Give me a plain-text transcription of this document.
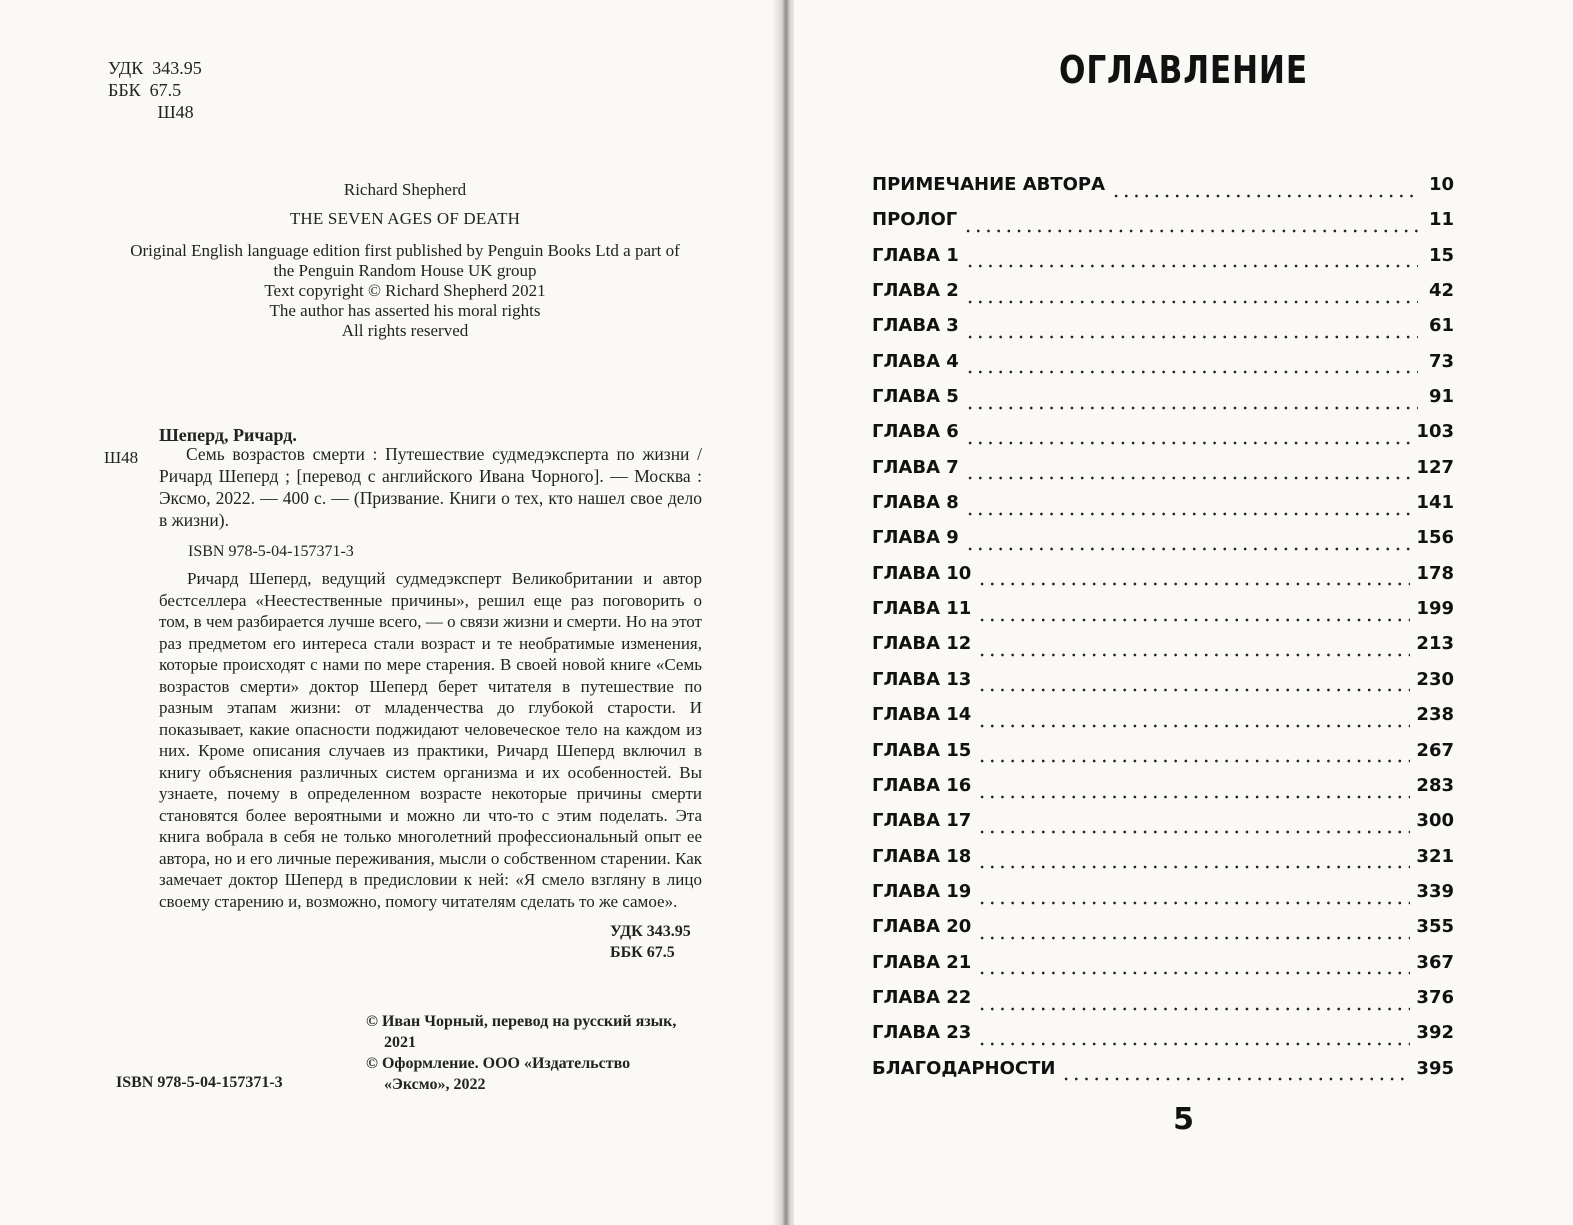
УДК  343.95
ББК  67.5
Ш48
Richard Shepherd
THE SEVEN AGES OF DEATH
Original English language edition first published by Penguin Books Ltd a part of
the Penguin Random House UK group
Text copyright © Richard Shepherd 2021
The author has asserted his moral rights
All rights reserved
Шеперд, Ричард.
Ш48	Семь возрастов смерти : Путешествие судмедэксперта по жизни / Ричард Шеперд ; [перевод с английского Ивана Чорного]. — Москва : Эксмо, 2022. — 400 с. — (Призвание. Книги о тех, кто нашел свое дело в жизни).
ISBN 978-5-04-157371-3
Ричард Шеперд, ведущий судмедэксперт Великобритании и автор бестселлера «Неестественные причины», решил еще раз поговорить о том, в чем разбирается лучше всего, — о связи жизни и смерти. Но на этот раз предметом его интереса стали возраст и те необратимые изменения, которые происходят с нами по мере старения. В своей новой книге «Семь возрастов смерти» доктор Шеперд берет читателя в путешествие по разным этапам жизни: от младенчества до глубокой старости. И показывает, какие опасности поджидают человеческое тело на каждом из них. Кроме описания случаев из практики, Ричард Шеперд включил в книгу объяснения различных систем организма и их особенностей. Вы узнаете, почему в определенном возрасте некоторые причины смерти становятся более вероятными и можно ли что-то с этим поделать. Эта книга вобрала в себя не только многолетний профессиональный опыт ее автора, но и его личные переживания, мысли о собственном старении. Как замечает доктор Шеперд в предисловии к ней: «Я смело взгляну в лицо своему старению и, возможно, помогу читателям сделать то же самое».
УДК 343.95
ББК 67.5
© Иван Чорный, перевод на русский язык,
2021
© Оформление. ООО «Издательство
«Эксмо», 2022
ISBN 978-5-04-157371-3
ОГЛАВЛЕНИЕ
ПРИМЕЧАНИЕ АВТОРА	10
ПРОЛОГ	11
ГЛАВА 1	15
ГЛАВА 2	42
ГЛАВА 3	61
ГЛАВА 4	73
ГЛАВА 5	91
ГЛАВА 6	103
ГЛАВА 7	127
ГЛАВА 8	141
ГЛАВА 9	156
ГЛАВА 10	178
ГЛАВА 11	199
ГЛАВА 12	213
ГЛАВА 13	230
ГЛАВА 14	238
ГЛАВА 15	267
ГЛАВА 16	283
ГЛАВА 17	300
ГЛАВА 18	321
ГЛАВА 19	339
ГЛАВА 20	355
ГЛАВА 21	367
ГЛАВА 22	376
ГЛАВА 23	392
БЛАГОДАРНОСТИ	395
5
